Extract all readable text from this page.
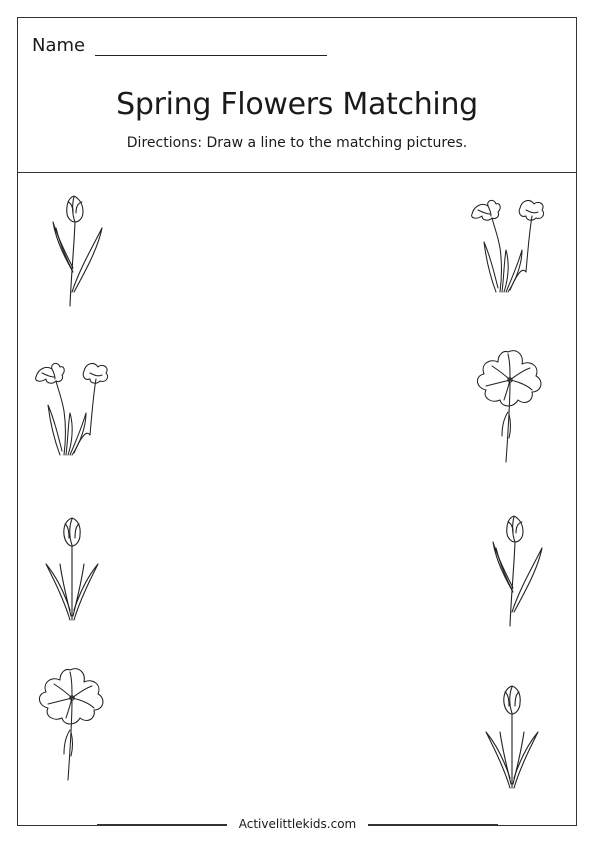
Name
Spring Flowers Matching
Directions: Draw a line to the matching pictures.
Activelittlekids.com
